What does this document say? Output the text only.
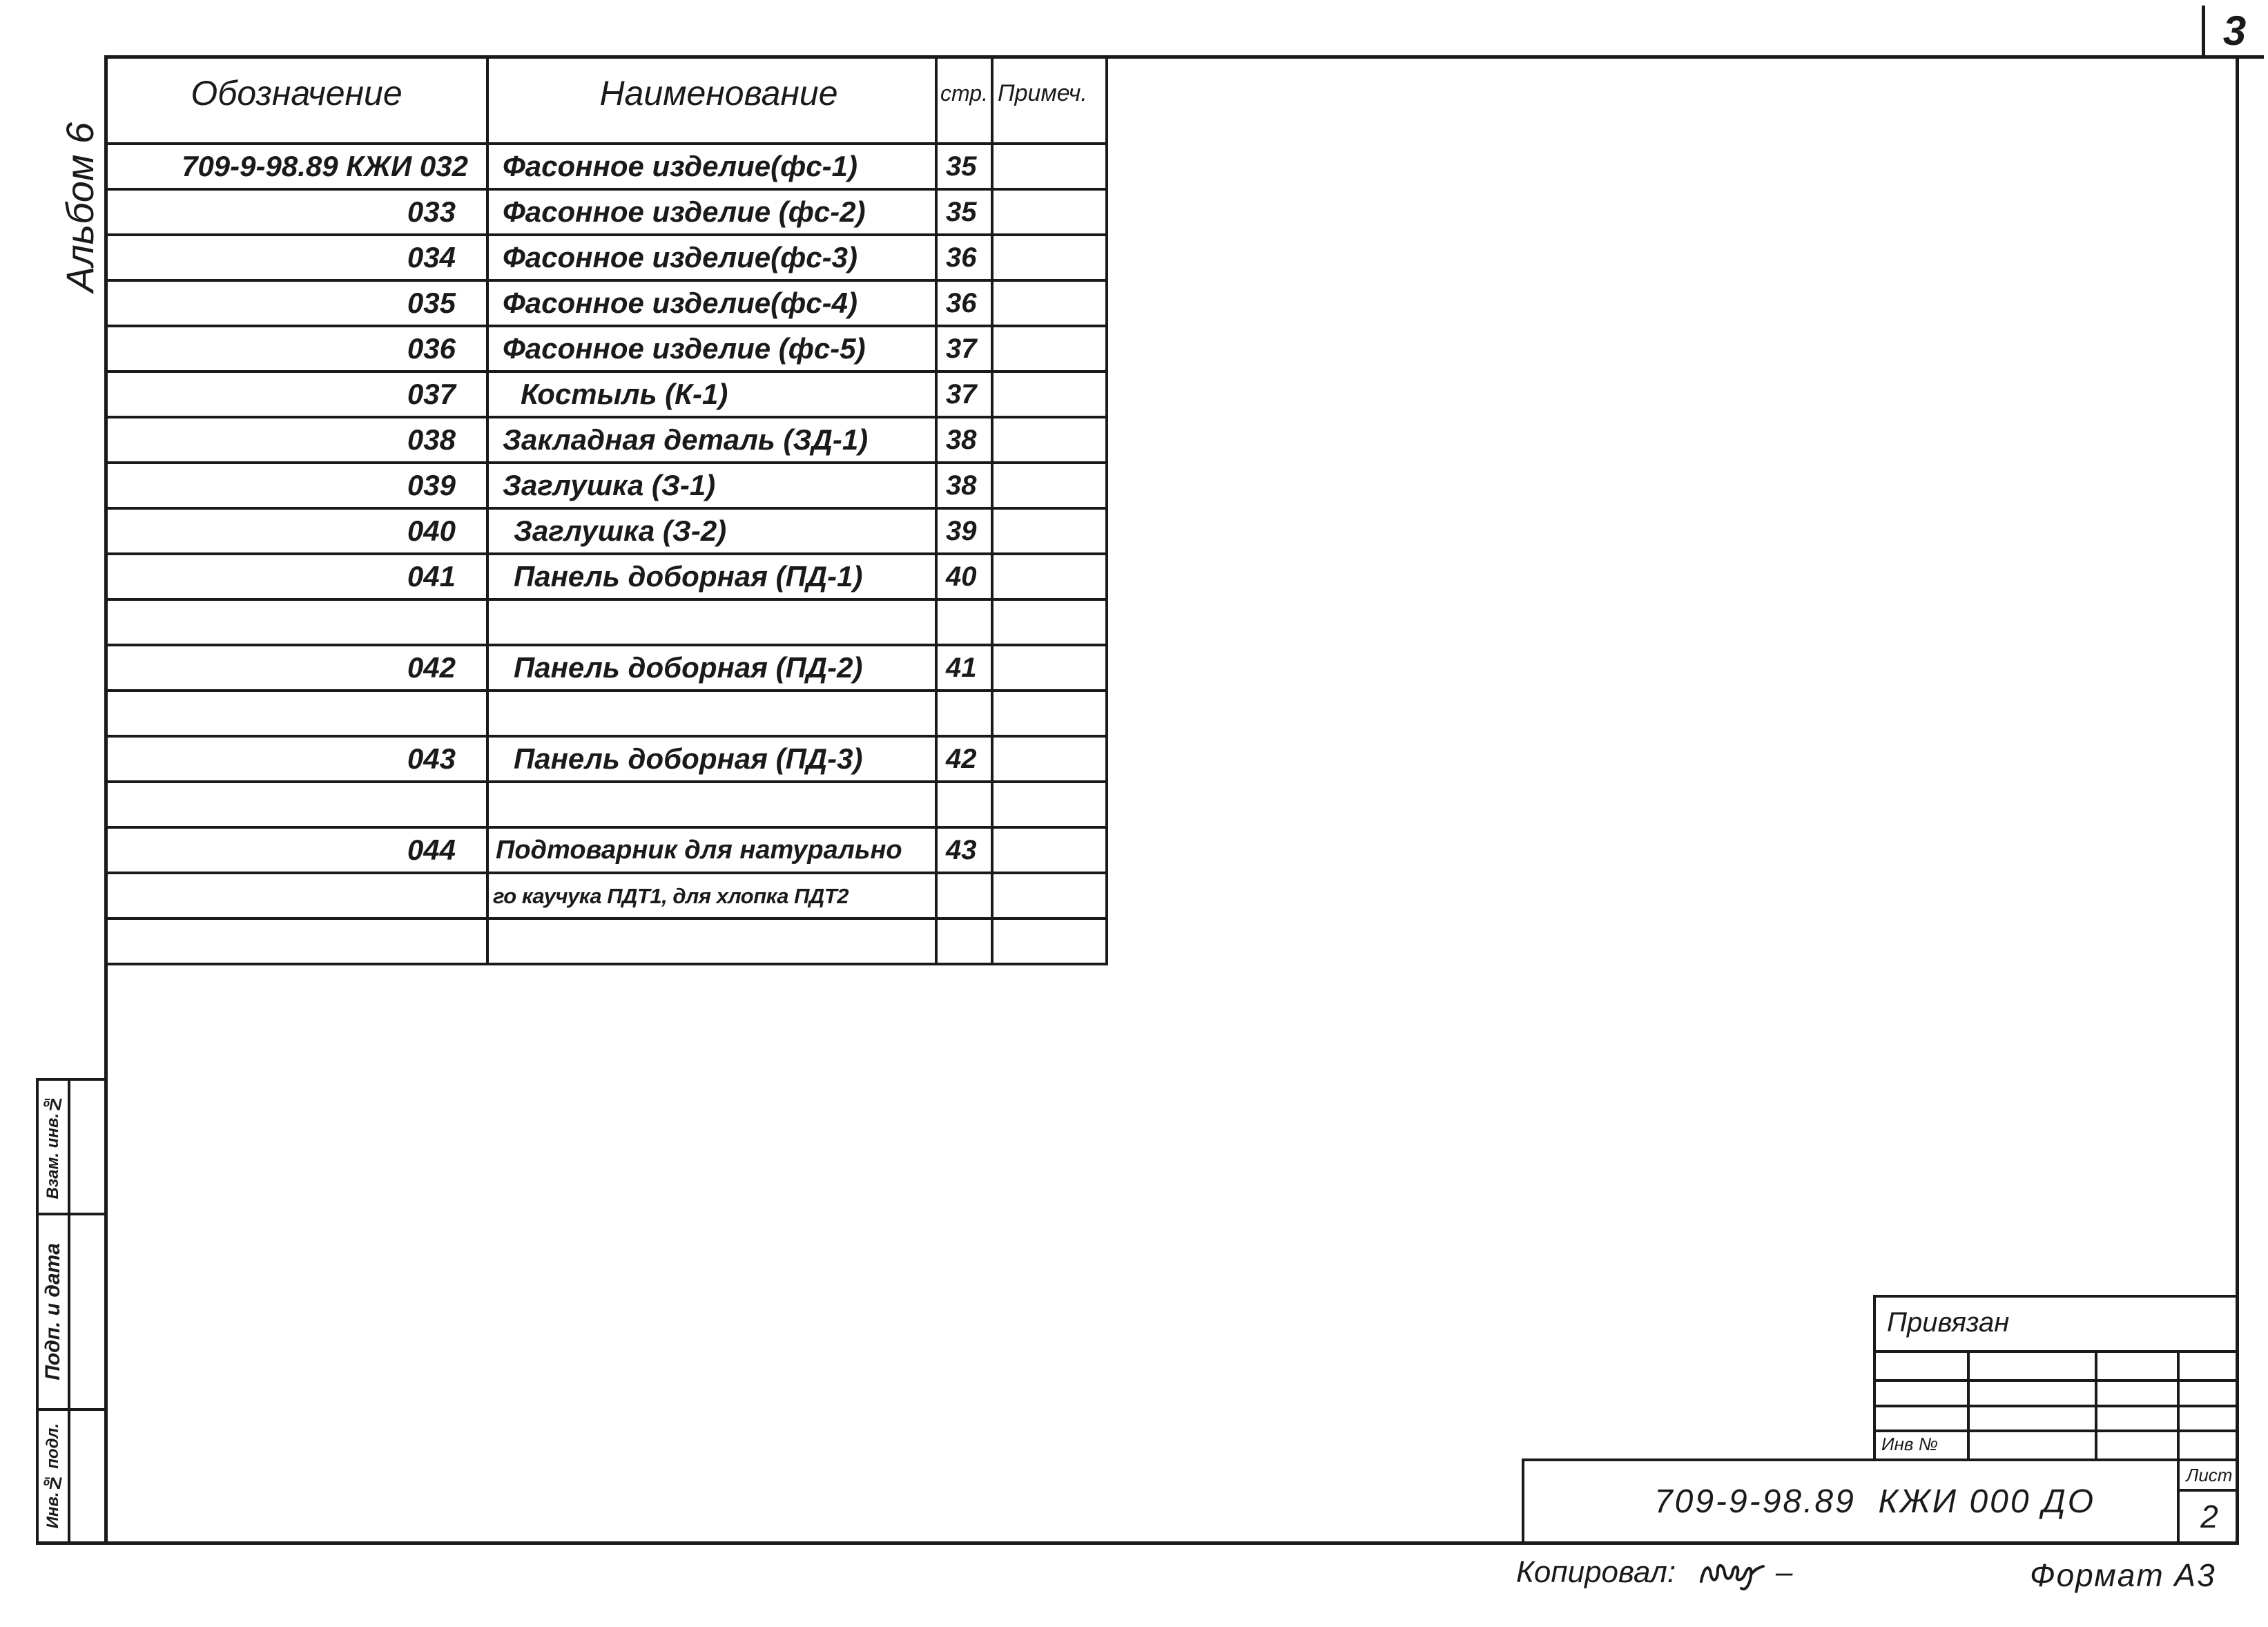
3
Альбом 6
Обозначение	Наименование	стр. Примеч.
709-9-98.89 КЖИ 032	Фасонное изделие(фс-1)	35
033	Фасонное изделие (фс-2)	35
034	Фасонное изделие(фс-3)	36
035	Фасонное изделие(фс-4)	36
036	Фасонное изделие (фс-5)	37
037	Костыль (К-1)	37
038	Закладная деталь (ЗД-1)	38
039	Заглушка (З-1)	38
040	Заглушка (З-2)	39
041	Панель доборная (ПД-1)	40
042	Панель доборная (ПД-2)	41
043	Панель доборная (ПД-3)	42
044	Подтоварник для натурально	43
го каучука ПДТ1, для хлопка ПДТ2
Взам. инв.№
Подп. и дата
Инв.№ подл.
Привязан
Инв №
709-9-98.89  КЖИ 000 ДО
Лист
2
Копировал:	–	Формат А3
